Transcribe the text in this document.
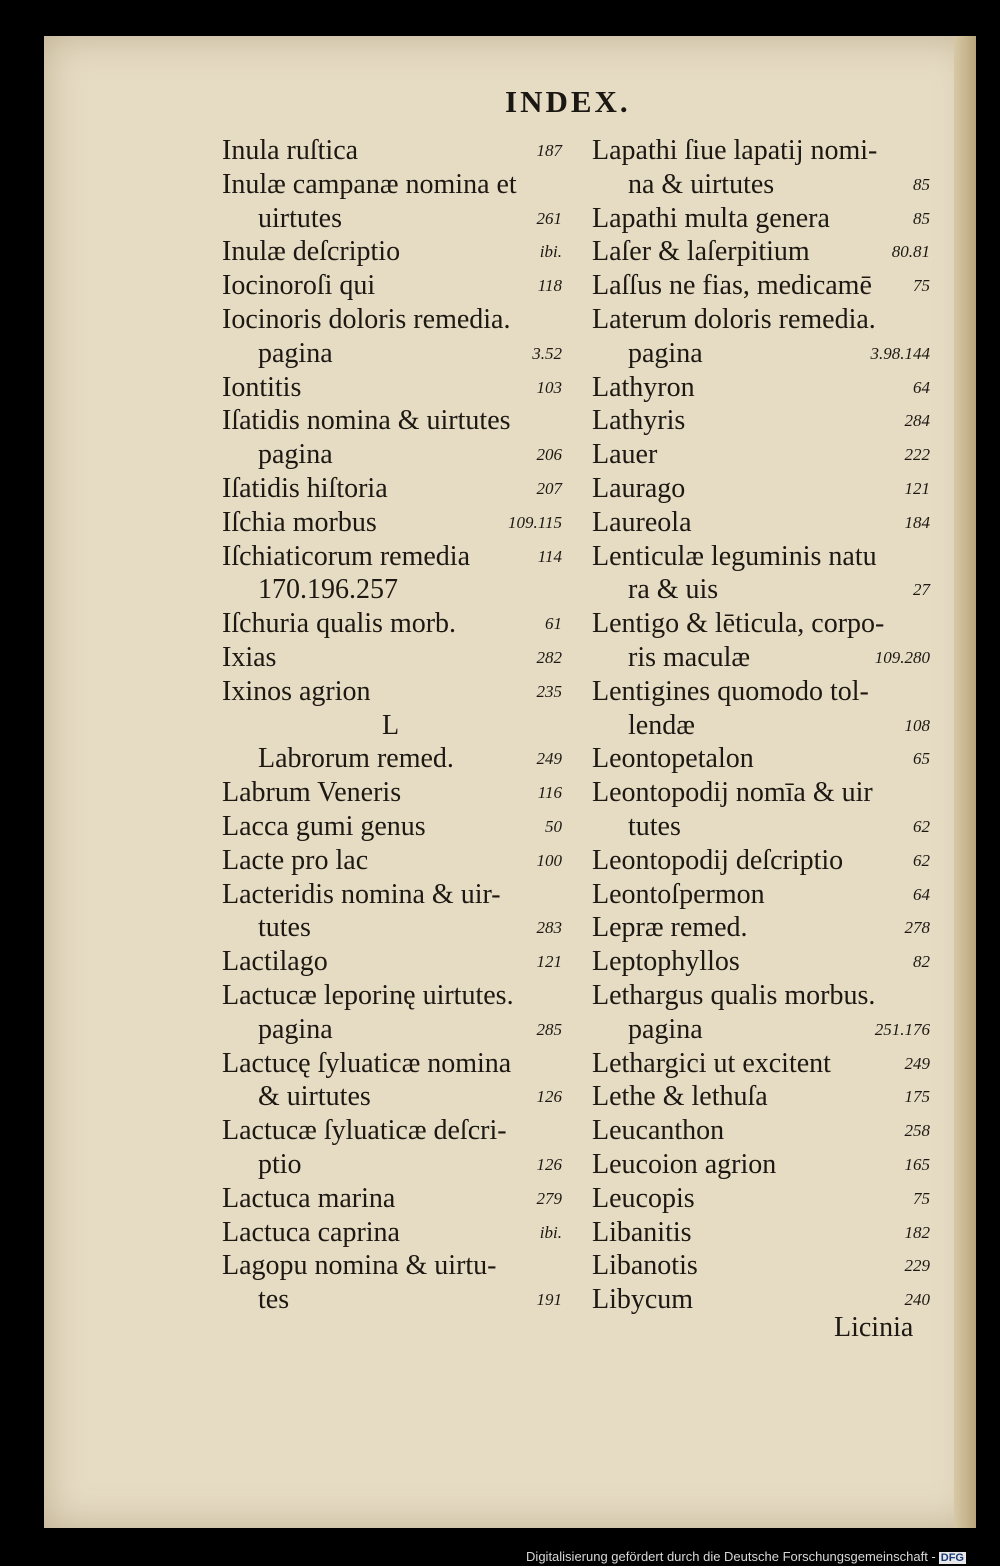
INDEX.
Inula ruſtica	187
Inulæ campanæ nomina et
uirtutes	261
Inulæ deſcriptio	ibi.
Iocinoroſi qui	118
Iocinoris doloris remedia.
pagina	3.52
Iontitis	103
Iſatidis nomina & uirtutes
pagina	206
Iſatidis hiſtoria	207
Iſchia morbus	109.115
Iſchiaticorum remedia	114
170.196.257
Iſchuria qualis morb.	61
Ixias	282
Ixinos agrion	235
L
Labrorum remed.	249
Labrum Veneris	116
Lacca gumi genus	50
Lacte pro lac	100
Lacteridis nomina & uir-
tutes	283
Lactilago	121
Lactucæ leporinę uirtutes.
pagina	285
Lactucę ſyluaticæ nomina
& uirtutes	126
Lactucæ ſyluaticæ deſcri-
ptio	126
Lactuca marina	279
Lactuca caprina	ibi.
Lagopu nomina & uirtu-
tes	191
Lapathi ſiue lapatij nomi-
na & uirtutes	85
Lapathi multa genera	85
Laſer & laſerpitium	80.81
Laſſus ne fias, medicamē 75
Laterum doloris remedia.
pagina	3.98.144
Lathyron	64
Lathyris	284
Lauer	222
Laurago	121
Laureola	184
Lenticulæ leguminis natu
ra & uis	27
Lentigo & lēticula, corpo-
ris maculæ	109.280
Lentigines quomodo tol-
lendæ	108
Leontopetalon	65
Leontopodij nomīa & uir
tutes	62
Leontopodij deſcriptio	62
Leontoſpermon	64
Lepræ remed.	278
Leptophyllos	82
Lethargus qualis morbus.
pagina	251.176
Lethargici ut excitent	249
Lethe & lethuſa	175
Leucanthon	258
Leucoion agrion	165
Leucopis	75
Libanitis	182
Libanotis	229
Libycum	240
Licinia
Digitalisierung gefördert durch die Deutsche Forschungsgemeinschaft - DFG
